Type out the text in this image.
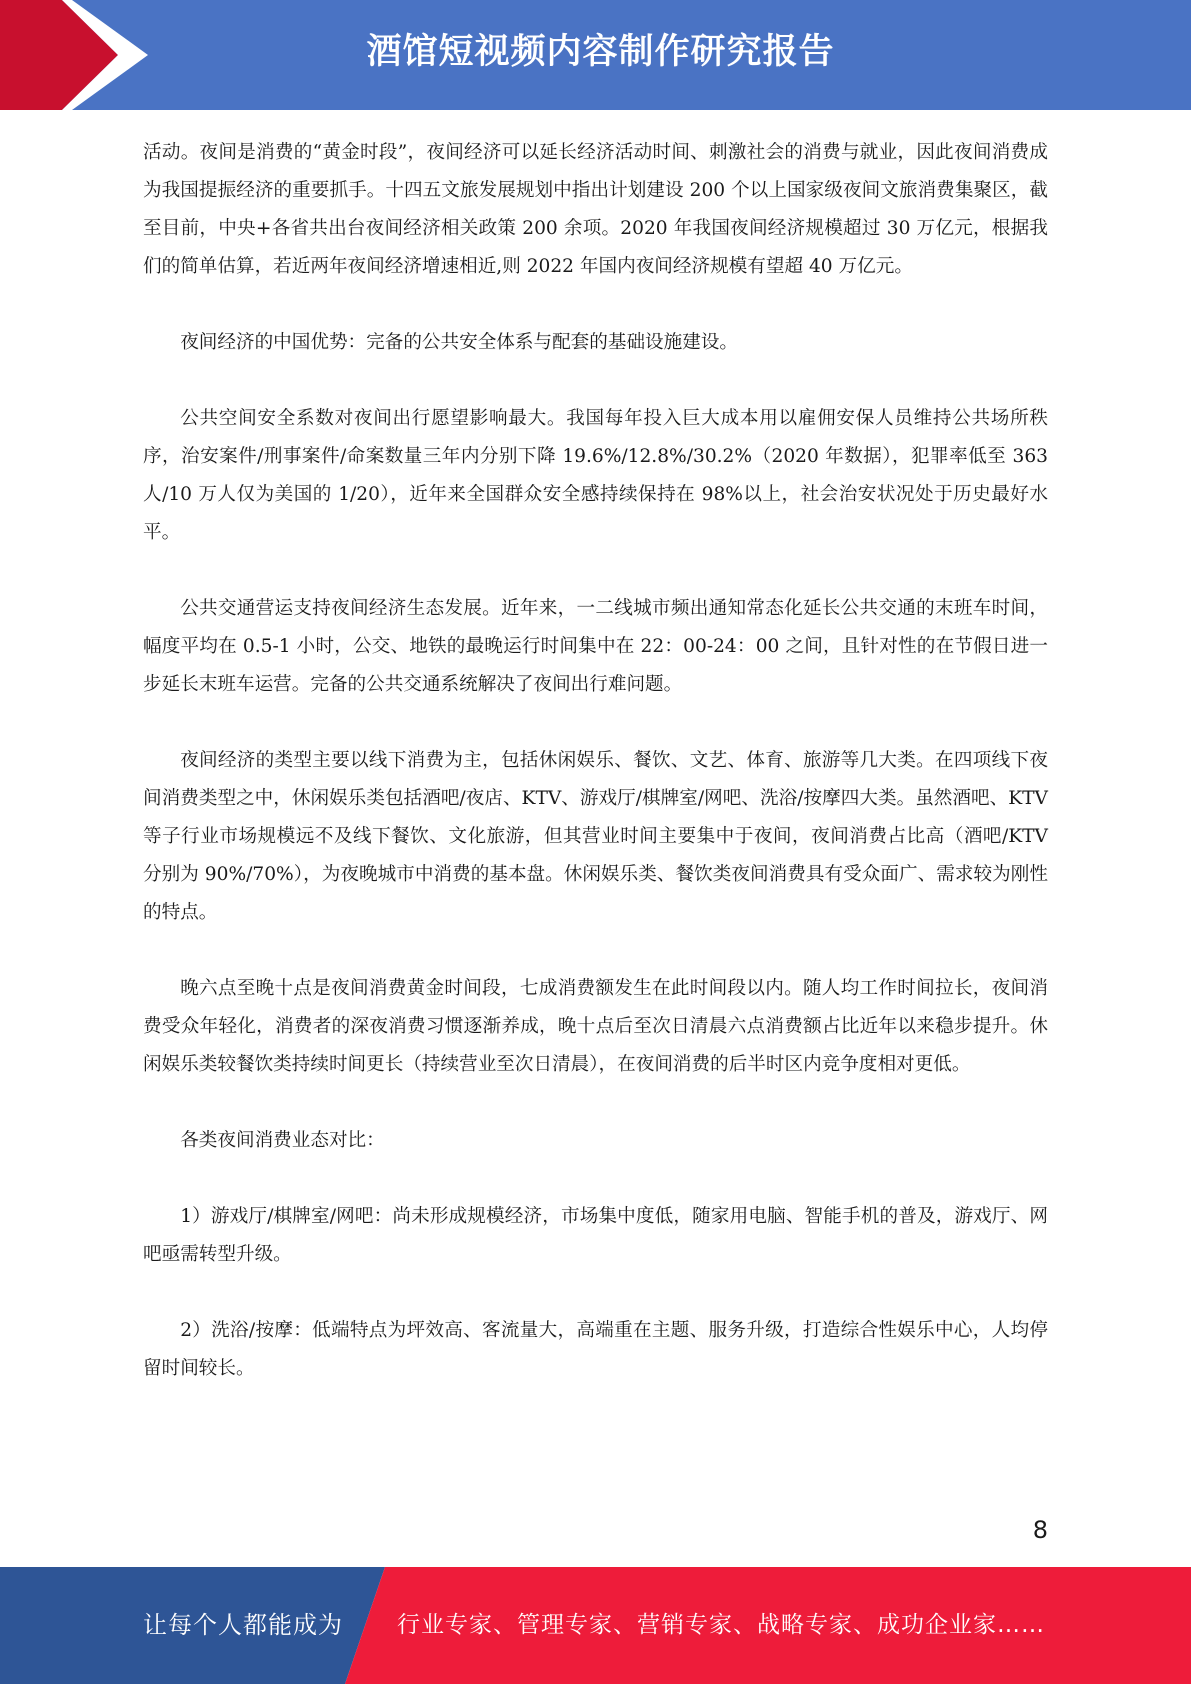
酒馆短视频内容制作研究报告

活动。夜间是消费的“黄金时段”，夜间经济可以延长经济活动时间、刺激社会的消费与就业，因此夜间消费成为我国提振经济的重要抓手。十四五文旅发展规划中指出计划建设 200 个以上国家级夜间文旅消费集聚区，截至目前，中央+各省共出台夜间经济相关政策 200 余项。2020 年我国夜间经济规模超过 30 万亿元，根据我们的简单估算，若近两年夜间经济增速相近,则 2022 年国内夜间经济规模有望超 40 万亿元。

夜间经济的中国优势：完备的公共安全体系与配套的基础设施建设。

公共空间安全系数对夜间出行愿望影响最大。我国每年投入巨大成本用以雇佣安保人员维持公共场所秩序，治安案件/刑事案件/命案数量三年内分别下降 19.6%/12.8%/30.2%（2020 年数据），犯罪率低至 363 人/10 万人仅为美国的 1/20），近年来全国群众安全感持续保持在 98%以上，社会治安状况处于历史最好水平。

公共交通营运支持夜间经济生态发展。近年来，一二线城市频出通知常态化延长公共交通的末班车时间，幅度平均在 0.5-1 小时，公交、地铁的最晚运行时间集中在 22：00-24：00 之间，且针对性的在节假日进一步延长末班车运营。完备的公共交通系统解决了夜间出行难问题。

夜间经济的类型主要以线下消费为主，包括休闲娱乐、餐饮、文艺、体育、旅游等几大类。在四项线下夜间消费类型之中，休闲娱乐类包括酒吧/夜店、KTV、游戏厅/棋牌室/网吧、洗浴/按摩四大类。虽然酒吧、KTV 等子行业市场规模远不及线下餐饮、文化旅游，但其营业时间主要集中于夜间，夜间消费占比高（酒吧/KTV 分别为 90%/70%），为夜晚城市中消费的基本盘。休闲娱乐类、餐饮类夜间消费具有受众面广、需求较为刚性的特点。

晚六点至晚十点是夜间消费黄金时间段，七成消费额发生在此时间段以内。随人均工作时间拉长，夜间消费受众年轻化，消费者的深夜消费习惯逐渐养成，晚十点后至次日清晨六点消费额占比近年以来稳步提升。休闲娱乐类较餐饮类持续时间更长（持续营业至次日清晨），在夜间消费的后半时区内竞争度相对更低。

各类夜间消费业态对比：

1）游戏厅/棋牌室/网吧：尚未形成规模经济，市场集中度低，随家用电脑、智能手机的普及，游戏厅、网吧亟需转型升级。

2）洗浴/按摩：低端特点为坪效高、客流量大，高端重在主题、服务升级，打造综合性娱乐中心，人均停留时间较长。

8
让每个人都能成为 行业专家、管理专家、营销专家、战略专家、成功企业家……
